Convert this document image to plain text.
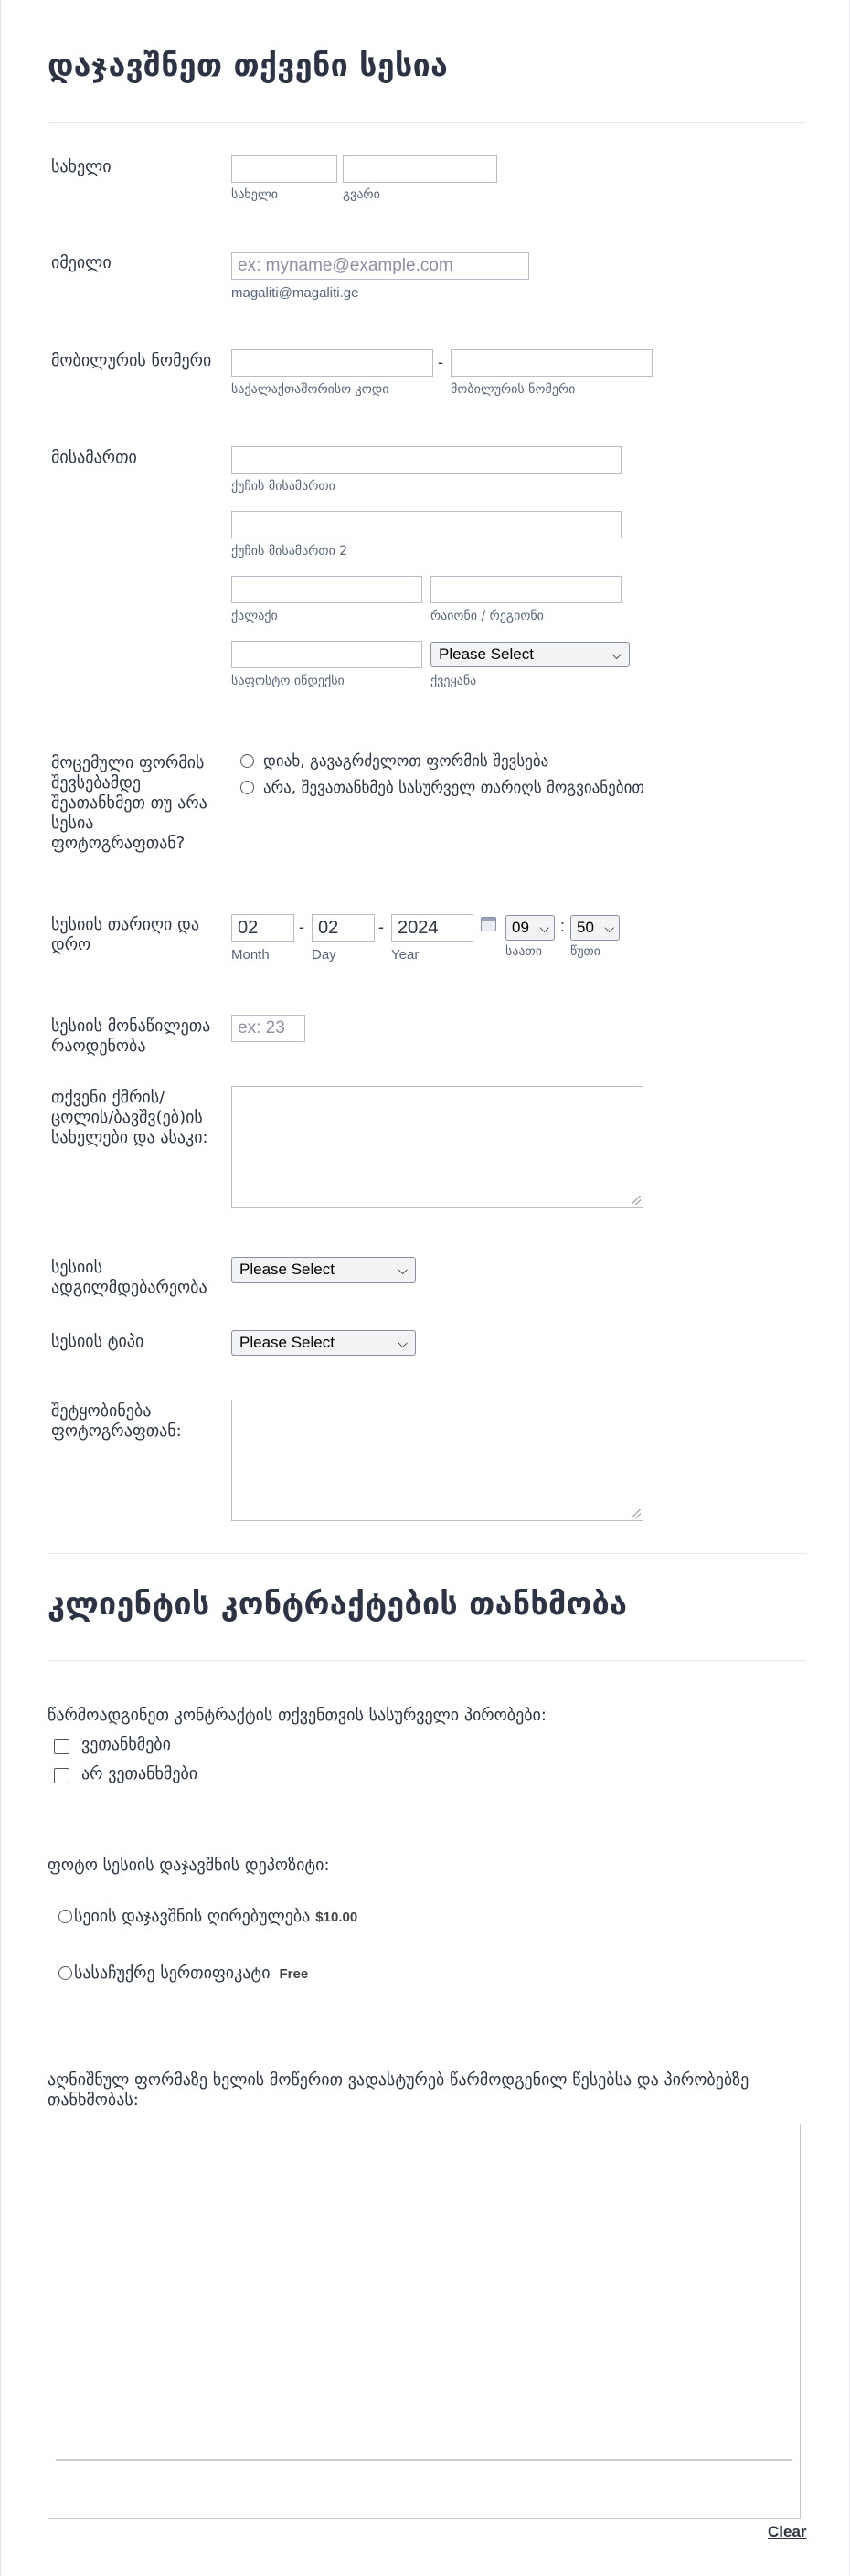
დაჯავშნეთ თქვენი სესია
სახელი
სახელი	გვარი
იმეილი	ex: myname@example.com
magaliti@magaliti.ge
მობილურის ნომერი	-
საქალაქთაშორისო კოდი	მობილურის ნომერი
მისამართი
ქუჩის მისამართი
ქუჩის მისამართი 2
ქალაქი	რაიონი / რეგიონი
Please Select	⌵
საფოსტო ინდექსი	ქვეყანა
მოცემული ფორმის შევსებამდე შეათანხმეთ თუ არა სესია ფოტოგრაფთან?
დიახ, გავაგრძელოთ ფორმის შევსება
არა, შევათანხმებ სასურველ თარიღს მოგვიანებით
სესიის თარიღი და დრო
02	- 02	- 2024
Month	Day	Year
09 ⌵ : 50 ⌵
საათი წუთი
სესიის მონაწილეთა რაოდენობა
ex: 23
თქვენი ქმრის/ ცოლის/ბავშვ(ებ)ის სახელები და ასაკი:
სესიის ადგილმდებარეობა
Please Select	⌵
სესიის ტიპი	Please Select	⌵
შეტყობინება ფოტოგრაფთან:
კლიენტის კონტრაქტების თანხმობა
წარმოადგინეთ კონტრაქტის თქვენთვის სასურველი პირობები:
ვეთანხმები
არ ვეთანხმები
ფოტო სესიის დაჯავშნის დეპოზიტი:
სეიის დაჯავშნის ღირებულება $10.00
სასაჩუქრე სერთიფიკატი Free
აღნიშნულ ფორმაზე ხელის მოწერით ვადასტურებ წარმოდგენილ წესებსა და პირობებზე თანხმობას:
Clear
